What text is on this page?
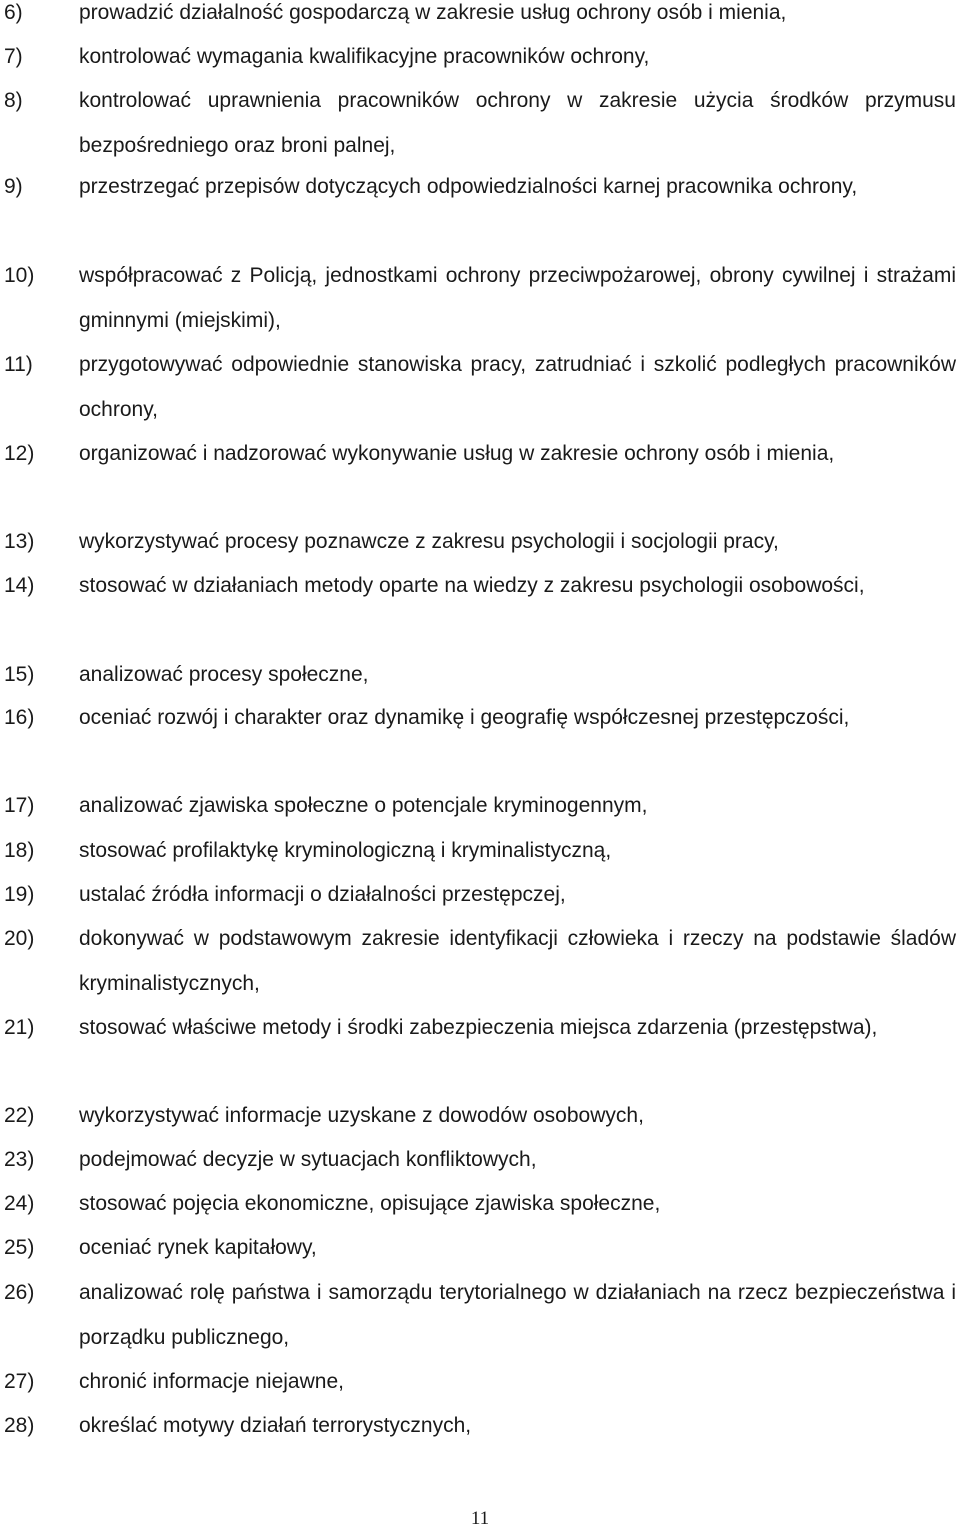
6)	prowadzić działalność gospodarczą w zakresie usług ochrony osób i mienia,
7)	kontrolować wymagania kwalifikacyjne pracowników ochrony,
8)	kontrolować uprawnienia pracowników ochrony w zakresie użycia środków przymusu bezpośredniego oraz broni palnej,
9)	przestrzegać przepisów dotyczących odpowiedzialności karnej pracownika ochrony,
10) współpracować z Policją, jednostkami ochrony przeciwpożarowej, obrony cywilnej i strażami gminnymi (miejskimi),
11) przygotowywać odpowiednie stanowiska pracy, zatrudniać i szkolić podległych pracowników ochrony,
12) organizować i nadzorować wykonywanie usług w zakresie ochrony osób i mienia,
13) wykorzystywać procesy poznawcze z zakresu psychologii i socjologii pracy,
14) stosować w działaniach metody oparte na wiedzy z zakresu psychologii osobowości,
15) analizować procesy społeczne,
16) oceniać rozwój i charakter oraz dynamikę i geografię współczesnej przestępczości,
17) analizować zjawiska społeczne o potencjale kryminogennym,
18) stosować profilaktykę kryminologiczną i kryminalistyczną,
19) ustalać źródła informacji o działalności przestępczej,
20) dokonywać w podstawowym zakresie identyfikacji człowieka i rzeczy na podstawie śladów kryminalistycznych,
21) stosować właściwe metody i środki zabezpieczenia miejsca zdarzenia (przestępstwa),
22) wykorzystywać informacje uzyskane z dowodów osobowych,
23) podejmować decyzje w sytuacjach konfliktowych,
24) stosować pojęcia ekonomiczne, opisujące zjawiska społeczne,
25) oceniać rynek kapitałowy,
26) analizować rolę państwa i samorządu terytorialnego w działaniach na rzecz bezpieczeństwa i porządku publicznego,
27) chronić informacje niejawne,
28) określać motywy działań terrorystycznych,
11
